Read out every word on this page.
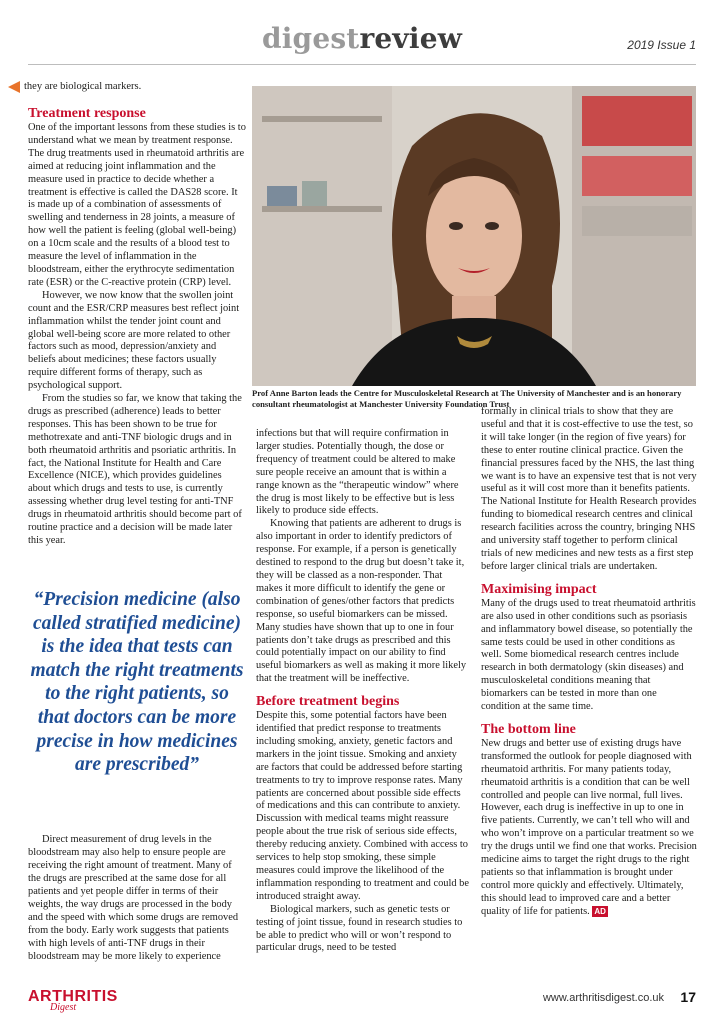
digestreview	2019 Issue 1
they are biological markers.
Treatment response

One of the important lessons from these studies is to understand what we mean by treatment response. The drug treatments used in rheumatoid arthritis are aimed at reducing joint inflammation and the measure used in practice to decide whether a treatment is effective is called the DAS28 score. It is made up of a combination of assessments of swelling and tenderness in 28 joints, a measure of how well the patient is feeling (global well-being) on a 10cm scale and the results of a blood test to measure the level of inflammation in the bloodstream, either the erythrocyte sedimentation rate (ESR) or the C-reactive protein (CRP) level.

However, we now know that the swollen joint count and the ESR/CRP measures best reflect joint inflammation whilst the tender joint count and global well-being score are more related to other factors such as mood, depression/anxiety and beliefs about medicines; these factors usually require different forms of therapy, such as psychological support.

From the studies so far, we know that taking the drugs as prescribed (adherence) leads to better responses. This has been shown to be true for methotrexate and anti-TNF biologic drugs and in both rheumatoid arthritis and psoriatic arthritis. In fact, the National Institute for Health and Care Excellence (NICE), which provides guidelines about which drugs and tests to use, is currently assessing whether drug level testing for anti-TNF drugs in rheumatoid arthritis should become part of routine practice and a decision will be made later this year.

Prof Anne Barton leads the Centre for Musculoskeletal Research at The University of Manchester and is an honorary consultant rheumatologist at Manchester University Foundation Trust
“Precision medicine (also called stratified medicine) is the idea that tests can match the right treatments to the right patients, so that doctors can be more precise in how medicines are prescribed”

Direct measurement of drug levels in the bloodstream may also help to ensure people are receiving the right amount of treatment. Many of the drugs are prescribed at the same dose for all patients and yet people differ in terms of their weights, the way drugs are processed in the body and the speed with which some drugs are removed from the body. Early work suggests that patients with high levels of anti-TNF drugs in their bloodstream may be more likely to experience

infections but that will require confirmation in larger studies. Potentially though, the dose or frequency of treatment could be altered to make sure people receive an amount that is within a range known as the “therapeutic window” where the drug is most likely to be effective but is less likely to produce side effects.

Knowing that patients are adherent to drugs is also important in order to identify predictors of response. For example, if a person is genetically destined to respond to the drug but doesn’t take it, they will be classed as a non-responder. That makes it more difficult to identify the gene or combination of genes/other factors that predicts response, so useful biomarkers can be missed. Many studies have shown that up to one in four patients don’t take drugs as prescribed and this could potentially impact on our ability to find useful biomarkers as well as making it more likely that the treatment will be ineffective.

Before treatment begins

Despite this, some potential factors have been identified that predict response to treatments including smoking, anxiety, genetic factors and markers in the joint tissue. Smoking and anxiety are factors that could be addressed before starting treatments to try to improve response rates. Many patients are concerned about possible side effects of medications and this can contribute to anxiety. Discussion with medical teams might reassure people about the true risk of serious side effects, thereby reducing anxiety. Combined with access to services to help stop smoking, these simple measures could improve the likelihood of the inflammation responding to treatment and could be introduced straight away.

Biological markers, such as genetic tests or testing of joint tissue, found in research studies to be able to predict who will or won’t respond to particular drugs, need to be tested

formally in clinical trials to show that they are useful and that it is cost-effective to use the test, so it will take longer (in the region of five years) for these to enter routine clinical practice. Given the financial pressures faced by the NHS, the last thing we want is to have an expensive test that is not very useful as it will cost more than it benefits patients. The National Institute for Health Research provides funding to biomedical research centres and clinical research facilities across the country, bringing NHS and university staff together to perform clinical trials of new medicines and new tests as a first step before larger clinical trials are undertaken.

Maximising impact

Many of the drugs used to treat rheumatoid arthritis are also used in other conditions such as psoriasis and inflammatory bowel disease, so potentially the same tests could be used in other conditions as well. Some biomedical research centres include research in both dermatology (skin diseases) and musculoskeletal conditions meaning that biomarkers can be tested in more than one condition at the same time.

The bottom line

New drugs and better use of existing drugs have transformed the outlook for people diagnosed with rheumatoid arthritis. For many patients today, rheumatoid arthritis is a condition that can be well controlled and people can live normal, full lives. However, each drug is ineffective in up to one in five patients. Currently, we can’t tell who will and who won’t improve on a particular treatment so we try the drugs until we find one that works. Precision medicine aims to target the right drugs to the right patients so that inflammation is brought under control more quickly and effectively. Ultimately, this should lead to improved care and a better quality of life for patients. AD

ARTHRITIS
Digest
www.arthritisdigest.co.uk 17
